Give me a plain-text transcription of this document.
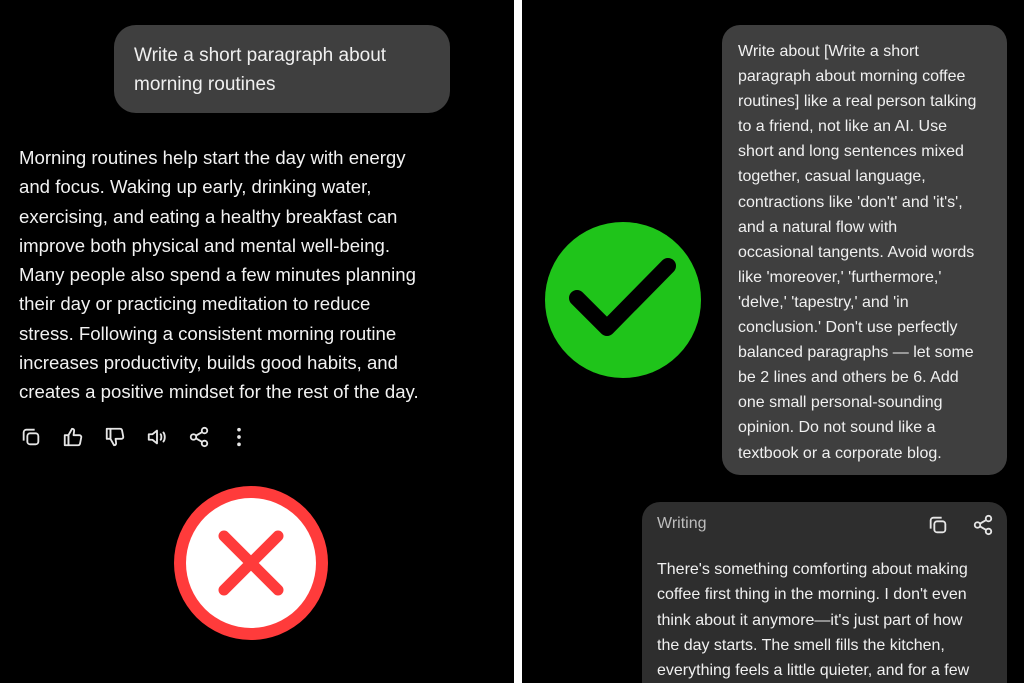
Write a short paragraph about morning routines
Morning routines help start the day with energy
and focus. Waking up early, drinking water,
exercising, and eating a healthy breakfast can
improve both physical and mental well-being.
Many people also spend a few minutes planning
their day or practicing meditation to reduce
stress. Following a consistent morning routine
increases productivity, builds good habits, and
creates a positive mindset for the rest of the day.
Write about [Write a short
paragraph about morning coffee
routines] like a real person talking
to a friend, not like an AI. Use
short and long sentences mixed
together, casual language,
contractions like 'don't' and 'it's',
and a natural flow with
occasional tangents. Avoid words
like 'moreover,' 'furthermore,'
'delve,' 'tapestry,' and 'in
conclusion.' Don't use perfectly
balanced paragraphs — let some
be 2 lines and others be 6. Add
one small personal-sounding
opinion. Do not sound like a
textbook or a corporate blog.
Writing
There's something comforting about making
coffee first thing in the morning. I don't even
think about it anymore—it's just part of how
the day starts. The smell fills the kitchen,
everything feels a little quieter, and for a few
